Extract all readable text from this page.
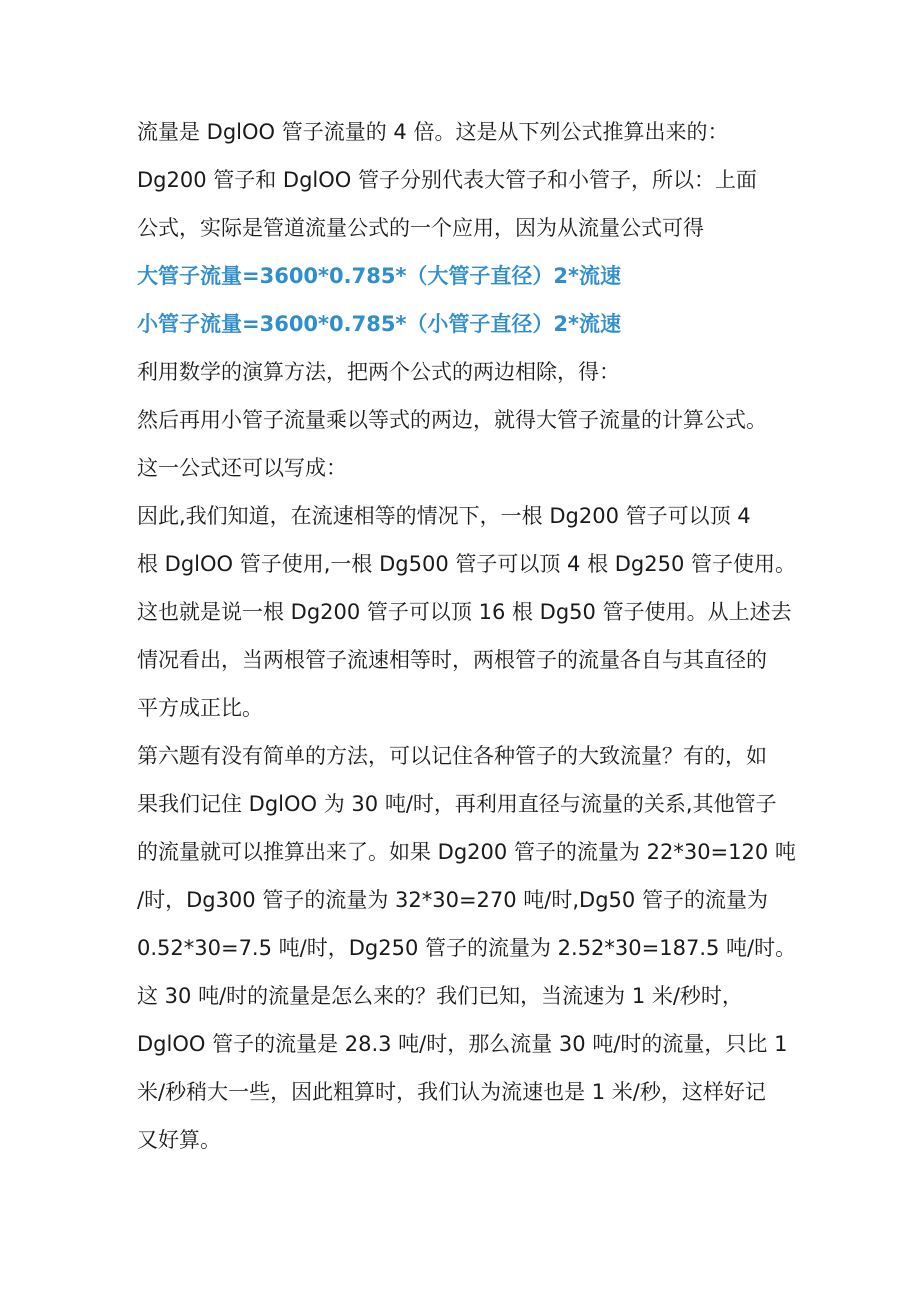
流量是 DglOO 管子流量的 4 倍。这是从下列公式推算出来的：
Dg200 管子和 DglOO 管子分别代表大管子和小管子，所以：上面
公式，实际是管道流量公式的一个应用，因为从流量公式可得
大管子流量=3600*0.785*（大管子直径）2*流速
小管子流量=3600*0.785*（小管子直径）2*流速
利用数学的演算方法，把两个公式的两边相除，得：
然后再用小管子流量乘以等式的两边，就得大管子流量的计算公式。
这一公式还可以写成：
因此,我们知道，在流速相等的情况下，一根 Dg200 管子可以顶 4
根 DglOO 管子使用,一根 Dg500 管子可以顶 4 根 Dg250 管子使用。
这也就是说一根 Dg200 管子可以顶 16 根 Dg50 管子使用。从上述去
情况看出，当两根管子流速相等时，两根管子的流量各自与其直径的
平方成正比。
第六题有没有简单的方法，可以记住各种管子的大致流量？有的，如
果我们记住 DglOO 为 30 吨/时，再利用直径与流量的关系,其他管子
的流量就可以推算出来了。如果 Dg200 管子的流量为 22*30=120 吨
/时，Dg300 管子的流量为 32*30=270 吨/时,Dg50 管子的流量为
0.52*30=7.5 吨/时，Dg250 管子的流量为 2.52*30=187.5 吨/时。
这 30 吨/时的流量是怎么来的？我们已知，当流速为 1 米/秒时，
DglOO 管子的流量是 28.3 吨/时，那么流量 30 吨/时的流量，只比 1
米/秒稍大一些，因此粗算时，我们认为流速也是 1 米/秒，这样好记
又好算。
